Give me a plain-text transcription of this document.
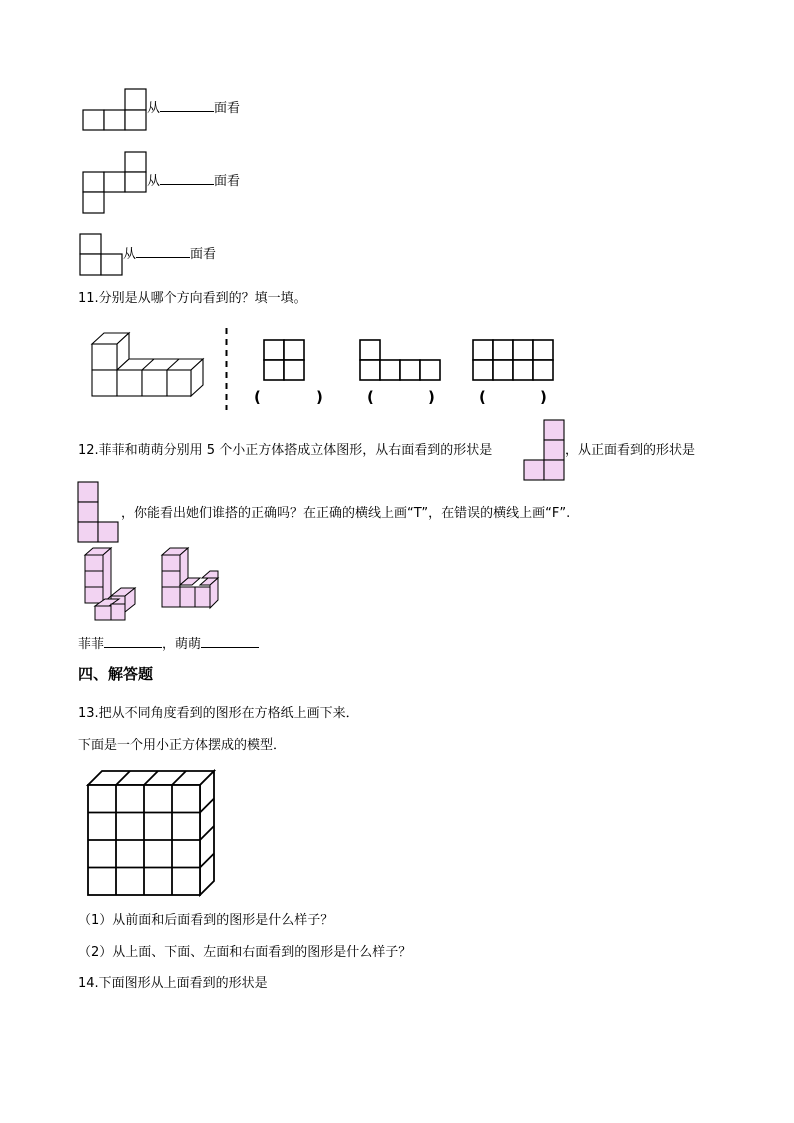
从	面看
从	面看
从	面看
11.分别是从哪个方向看到的？填一填。
(	)	(	)	(	)
12.菲菲和萌萌分别用 5 个小正方体搭成立体图形，从右面看到的形状是	，从正面看到的形状是
，你能看出她们谁搭的正确吗？在正确的横线上画“T”，在错误的横线上画“F”.
菲菲	，萌萌
四、解答题
13.把从不同角度看到的图形在方格纸上画下来．
下面是一个用小正方体摆成的模型．
（1）从前面和后面看到的图形是什么样子？
（2）从上面、下面、左面和右面看到的图形是什么样子？
14.下面图形从上面看到的形状是
